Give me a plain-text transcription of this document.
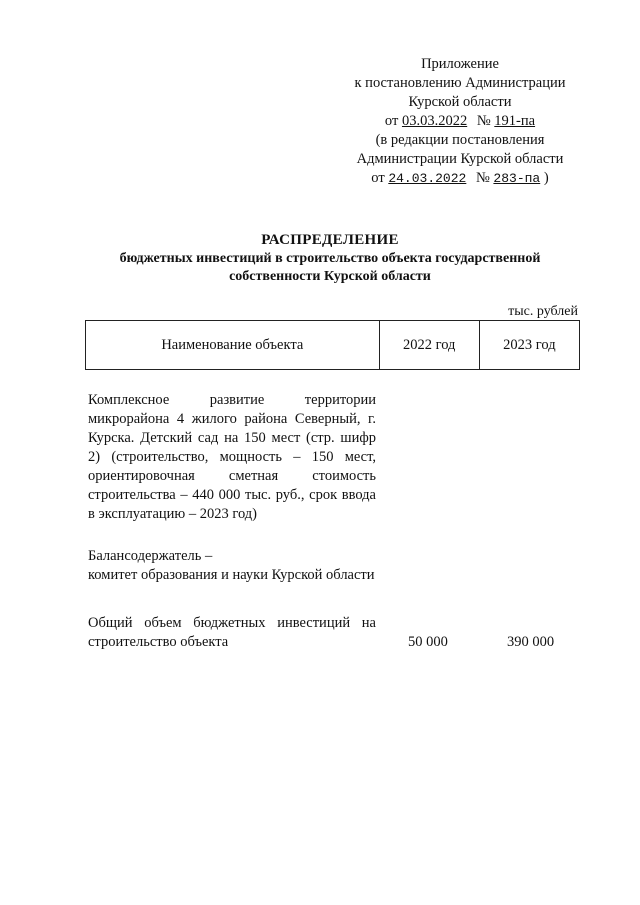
Приложение
к постановлению Администрации
Курской области
от 03.03.2022 № 191-па
(в редакции постановления
Администрации Курской области
от 24.03.2022 № 283-па )
РАСПРЕДЕЛЕНИЕ
бюджетных инвестиций в строительство объекта государственной
собственности Курской области
тыс. рублей
Наименование объекта	2022 год	2023 год
Комплексное развитие территории микрорайона 4 жилого района Северный, г. Курска. Детский сад на 150 мест (стр. шифр 2) (строительство, мощность – 150 мест, ориентировочная сметная стоимость строительства – 440 000 тыс. руб., срок ввода в эксплуатацию – 2023 год)
Балансодержатель –
комитет образования и науки Курской области
Общий объем бюджетных инвестиций на строительство объекта	50 000	390 000
